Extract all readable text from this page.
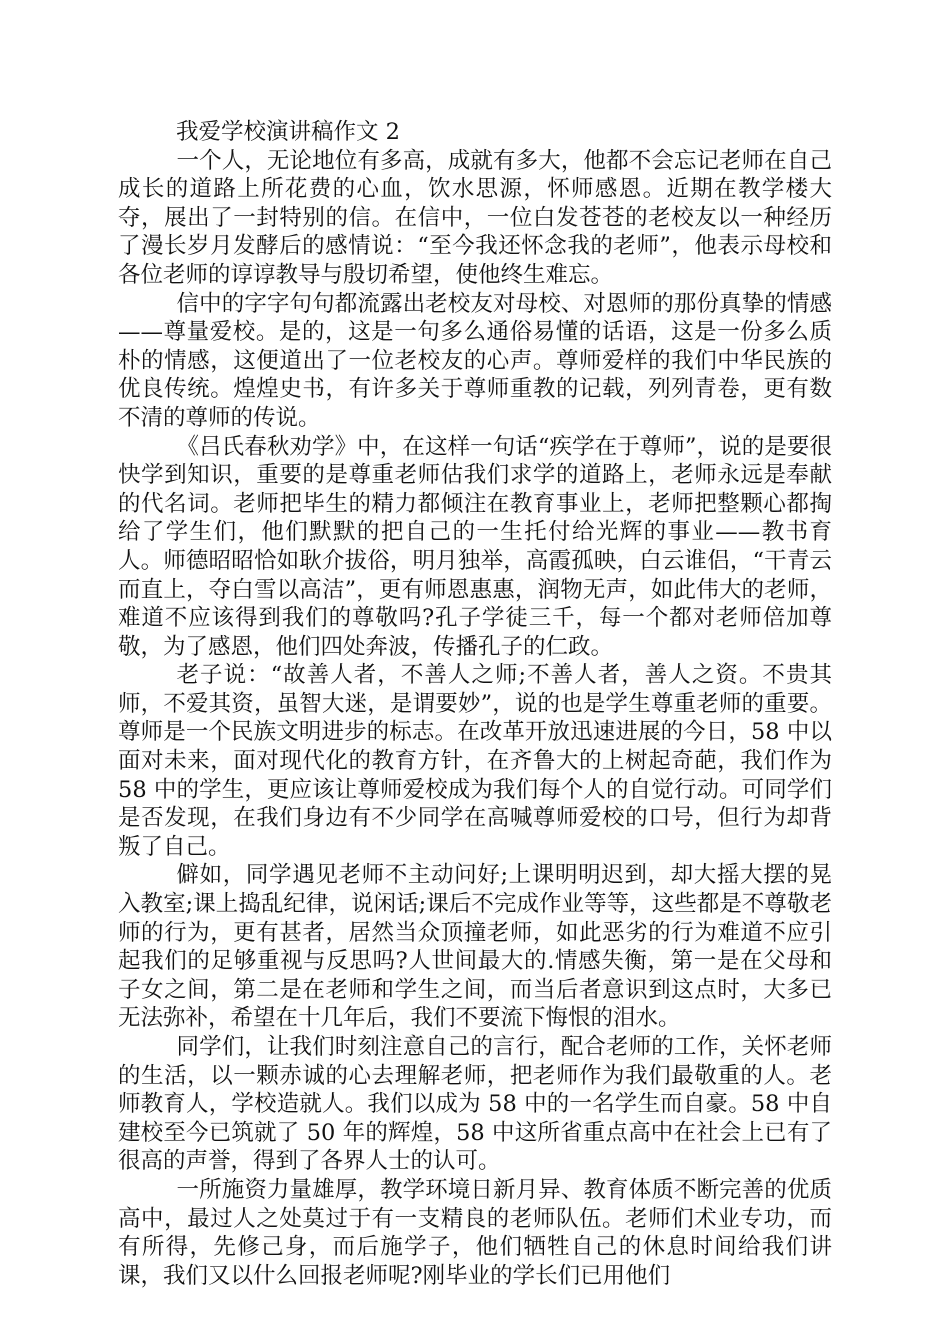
我爱学校演讲稿作文 2

一个人，无论地位有多高，成就有多大，他都不会忘记老师在自己成长的道路上所花费的心血，饮水思源，怀师感恩。近期在教学楼大夺，展出了一封特别的信。在信中，一位白发苍苍的老校友以一种经历了漫长岁月发酵后的感情说：“至今我还怀念我的老师”，他表示母校和各位老师的谆谆教导与殷切希望，使他终生难忘。

信中的字字句句都流露出老校友对母校、对恩师的那份真挚的情感——尊量爱校。是的，这是一句多么通俗易懂的话语，这是一份多么质朴的情感，这便道出了一位老校友的心声。尊师爱样的我们中华民族的优良传统。煌煌史书，有许多关于尊师重教的记载，列列青卷，更有数不清的尊师的传说。

《吕氏春秋劝学》中，在这样一句话“疾学在于尊师”，说的是要很快学到知识，重要的是尊重老师估我们求学的道路上，老师永远是奉献的代名词。老师把毕生的精力都倾注在教育事业上，老师把整颗心都掏给了学生们，他们默默的把自己的一生托付给光辉的事业——教书育人。师德昭昭恰如耿介拔俗，明月独举，高霞孤映，白云谁侣，“干青云而直上，夺白雪以高洁”，更有师恩惠惠，润物无声，如此伟大的老师，难道不应该得到我们的尊敬吗?孔子学徒三千，每一个都对老师倍加尊敬，为了感恩，他们四处奔波，传播孔子的仁政。

老子说：“故善人者，不善人之师;不善人者，善人之资。不贵其师，不爱其资，虽智大迷，是谓要妙”，说的也是学生尊重老师的重要。尊师是一个民族文明进步的标志。在改革开放迅速进展的今日，58 中以面对未来，面对现代化的教育方针，在齐鲁大的上树起奇葩，我们作为 58 中的学生，更应该让尊师爱校成为我们每个人的自觉行动。可同学们是否发现，在我们身边有不少同学在高喊尊师爱校的口号，但行为却背叛了自己。

僻如，同学遇见老师不主动问好;上课明明迟到，却大摇大摆的晃入教室;课上捣乱纪律，说闲话;课后不完成作业等等，这些都是不尊敬老师的行为，更有甚者，居然当众顶撞老师，如此恶劣的行为难道不应引起我们的足够重视与反思吗?人世间最大的.情感失衡，第一是在父母和子女之间，第二是在老师和学生之间，而当后者意识到这点时，大多已无法弥补，希望在十几年后，我们不要流下悔恨的泪水。

同学们，让我们时刻注意自己的言行，配合老师的工作，关怀老师的生活，以一颗赤诚的心去理解老师，把老师作为我们最敬重的人。老师教育人，学校造就人。我们以成为 58 中的一名学生而自豪。58 中自建校至今已筑就了 50 年的辉煌，58 中这所省重点高中在社会上已有了很高的声誉，得到了各界人士的认可。

一所施资力量雄厚，教学环境日新月异、教育体质不断完善的优质高中，最过人之处莫过于有一支精良的老师队伍。老师们术业专功，而有所得，先修己身，而后施学子，他们牺牲自己的休息时间给我们讲课，我们又以什么回报老师呢?刚毕业的学长们已用他们
